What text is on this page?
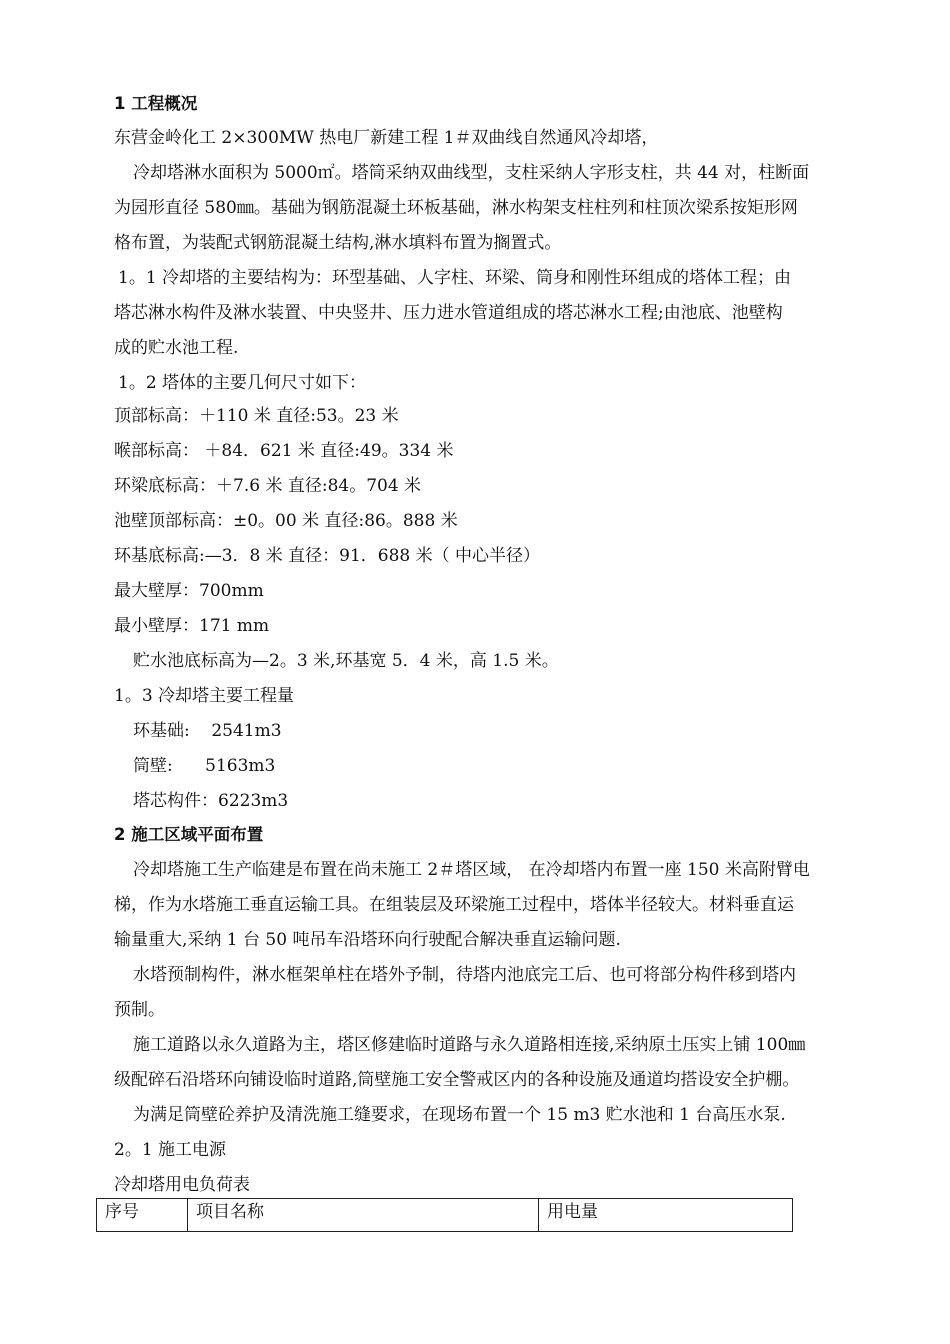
1 工程概况
东营金岭化工 2×300MW 热电厂新建工程 1＃双曲线自然通风冷却塔，
冷却塔淋水面积为 5000㎡。塔筒采纳双曲线型，支柱采纳人字形支柱，共 44 对，柱断面
为园形直径 580㎜。基础为钢筋混凝土环板基础，淋水构架支柱柱列和柱顶次梁系按矩形网
格布置，为装配式钢筋混凝土结构,淋水填料布置为搁置式。
1。1 冷却塔的主要结构为：环型基础、人字柱、环梁、筒身和刚性环组成的塔体工程；由
塔芯淋水构件及淋水装置、中央竖井、压力进水管道组成的塔芯淋水工程;由池底、池壁构
成的贮水池工程.
1。2 塔体的主要几何尺寸如下：
顶部标高：＋110 米 直径:53。23 米
喉部标高： ＋84．621 米 直径:49。334 米
环梁底标高：＋7.6 米 直径:84。704 米
池壁顶部标高：±0。00 米 直径:86。888 米
环基底标高:—3．8 米 直径：91．688 米（ 中心半径）
最大壁厚：700mm
最小壁厚：171 mm
贮水池底标高为—2。3 米,环基宽 5．4 米，高 1.5 米。
1。3 冷却塔主要工程量
环基础:    2541m3
筒壁:      5163m3
塔芯构件：6223m3
2 施工区域平面布置
冷却塔施工生产临建是布置在尚未施工 2＃塔区域， 在冷却塔内布置一座 150 米高附臂电
梯，作为水塔施工垂直运输工具。在组装层及环梁施工过程中，塔体半径较大。材料垂直运
输量重大,采纳 1 台 50 吨吊车沿塔环向行驶配合解决垂直运输问题.
水塔预制构件，淋水框架单柱在塔外予制，待塔内池底完工后、也可将部分构件移到塔内
预制。
施工道路以永久道路为主，塔区修建临时道路与永久道路相连接,采纳原土压实上铺 100㎜
级配碎石沿塔环向铺设临时道路,筒壁施工安全警戒区内的各种设施及通道均搭设安全护棚。
为满足筒壁砼养护及清洗施工缝要求，在现场布置一个 15 m3 贮水池和 1 台高压水泵.
2。1 施工电源
冷却塔用电负荷表
序号	项目名称	用电量
